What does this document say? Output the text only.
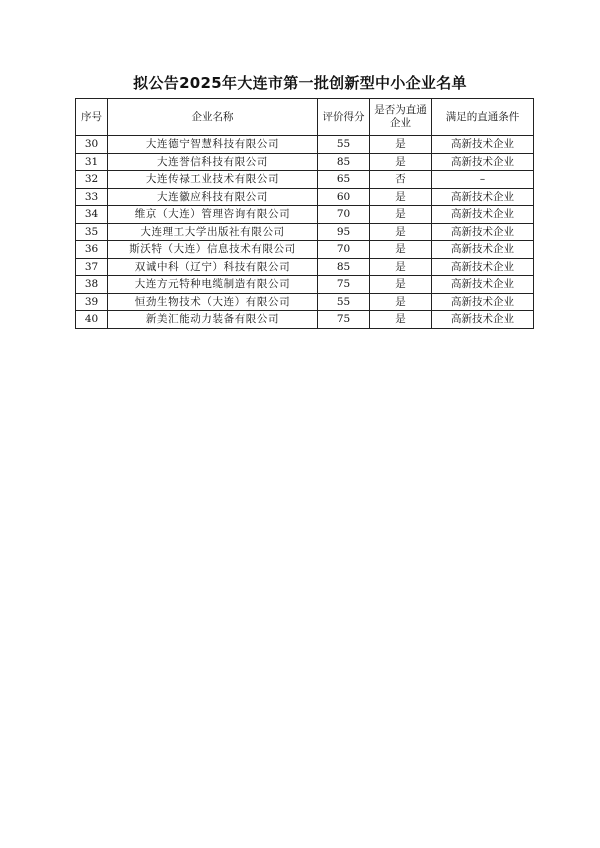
拟公告2025年大连市第一批创新型中小企业名单
序号	企业名称	评价得分	是否为直通企业	满足的直通条件
30	大连德宁智慧科技有限公司	55	是	高新技术企业
31	大连誉信科技有限公司	85	是	高新技术企业
32	大连传禄工业技术有限公司	65	否	–
33	大连徽应科技有限公司	60	是	高新技术企业
34	维京（大连）管理咨询有限公司	70	是	高新技术企业
35	大连理工大学出版社有限公司	95	是	高新技术企业
36	斯沃特（大连）信息技术有限公司	70	是	高新技术企业
37	双诚中科（辽宁）科技有限公司	85	是	高新技术企业
38	大连方元特种电缆制造有限公司	75	是	高新技术企业
39	恒劲生物技术（大连）有限公司	55	是	高新技术企业
40	新美汇能动力装备有限公司	75	是	高新技术企业
